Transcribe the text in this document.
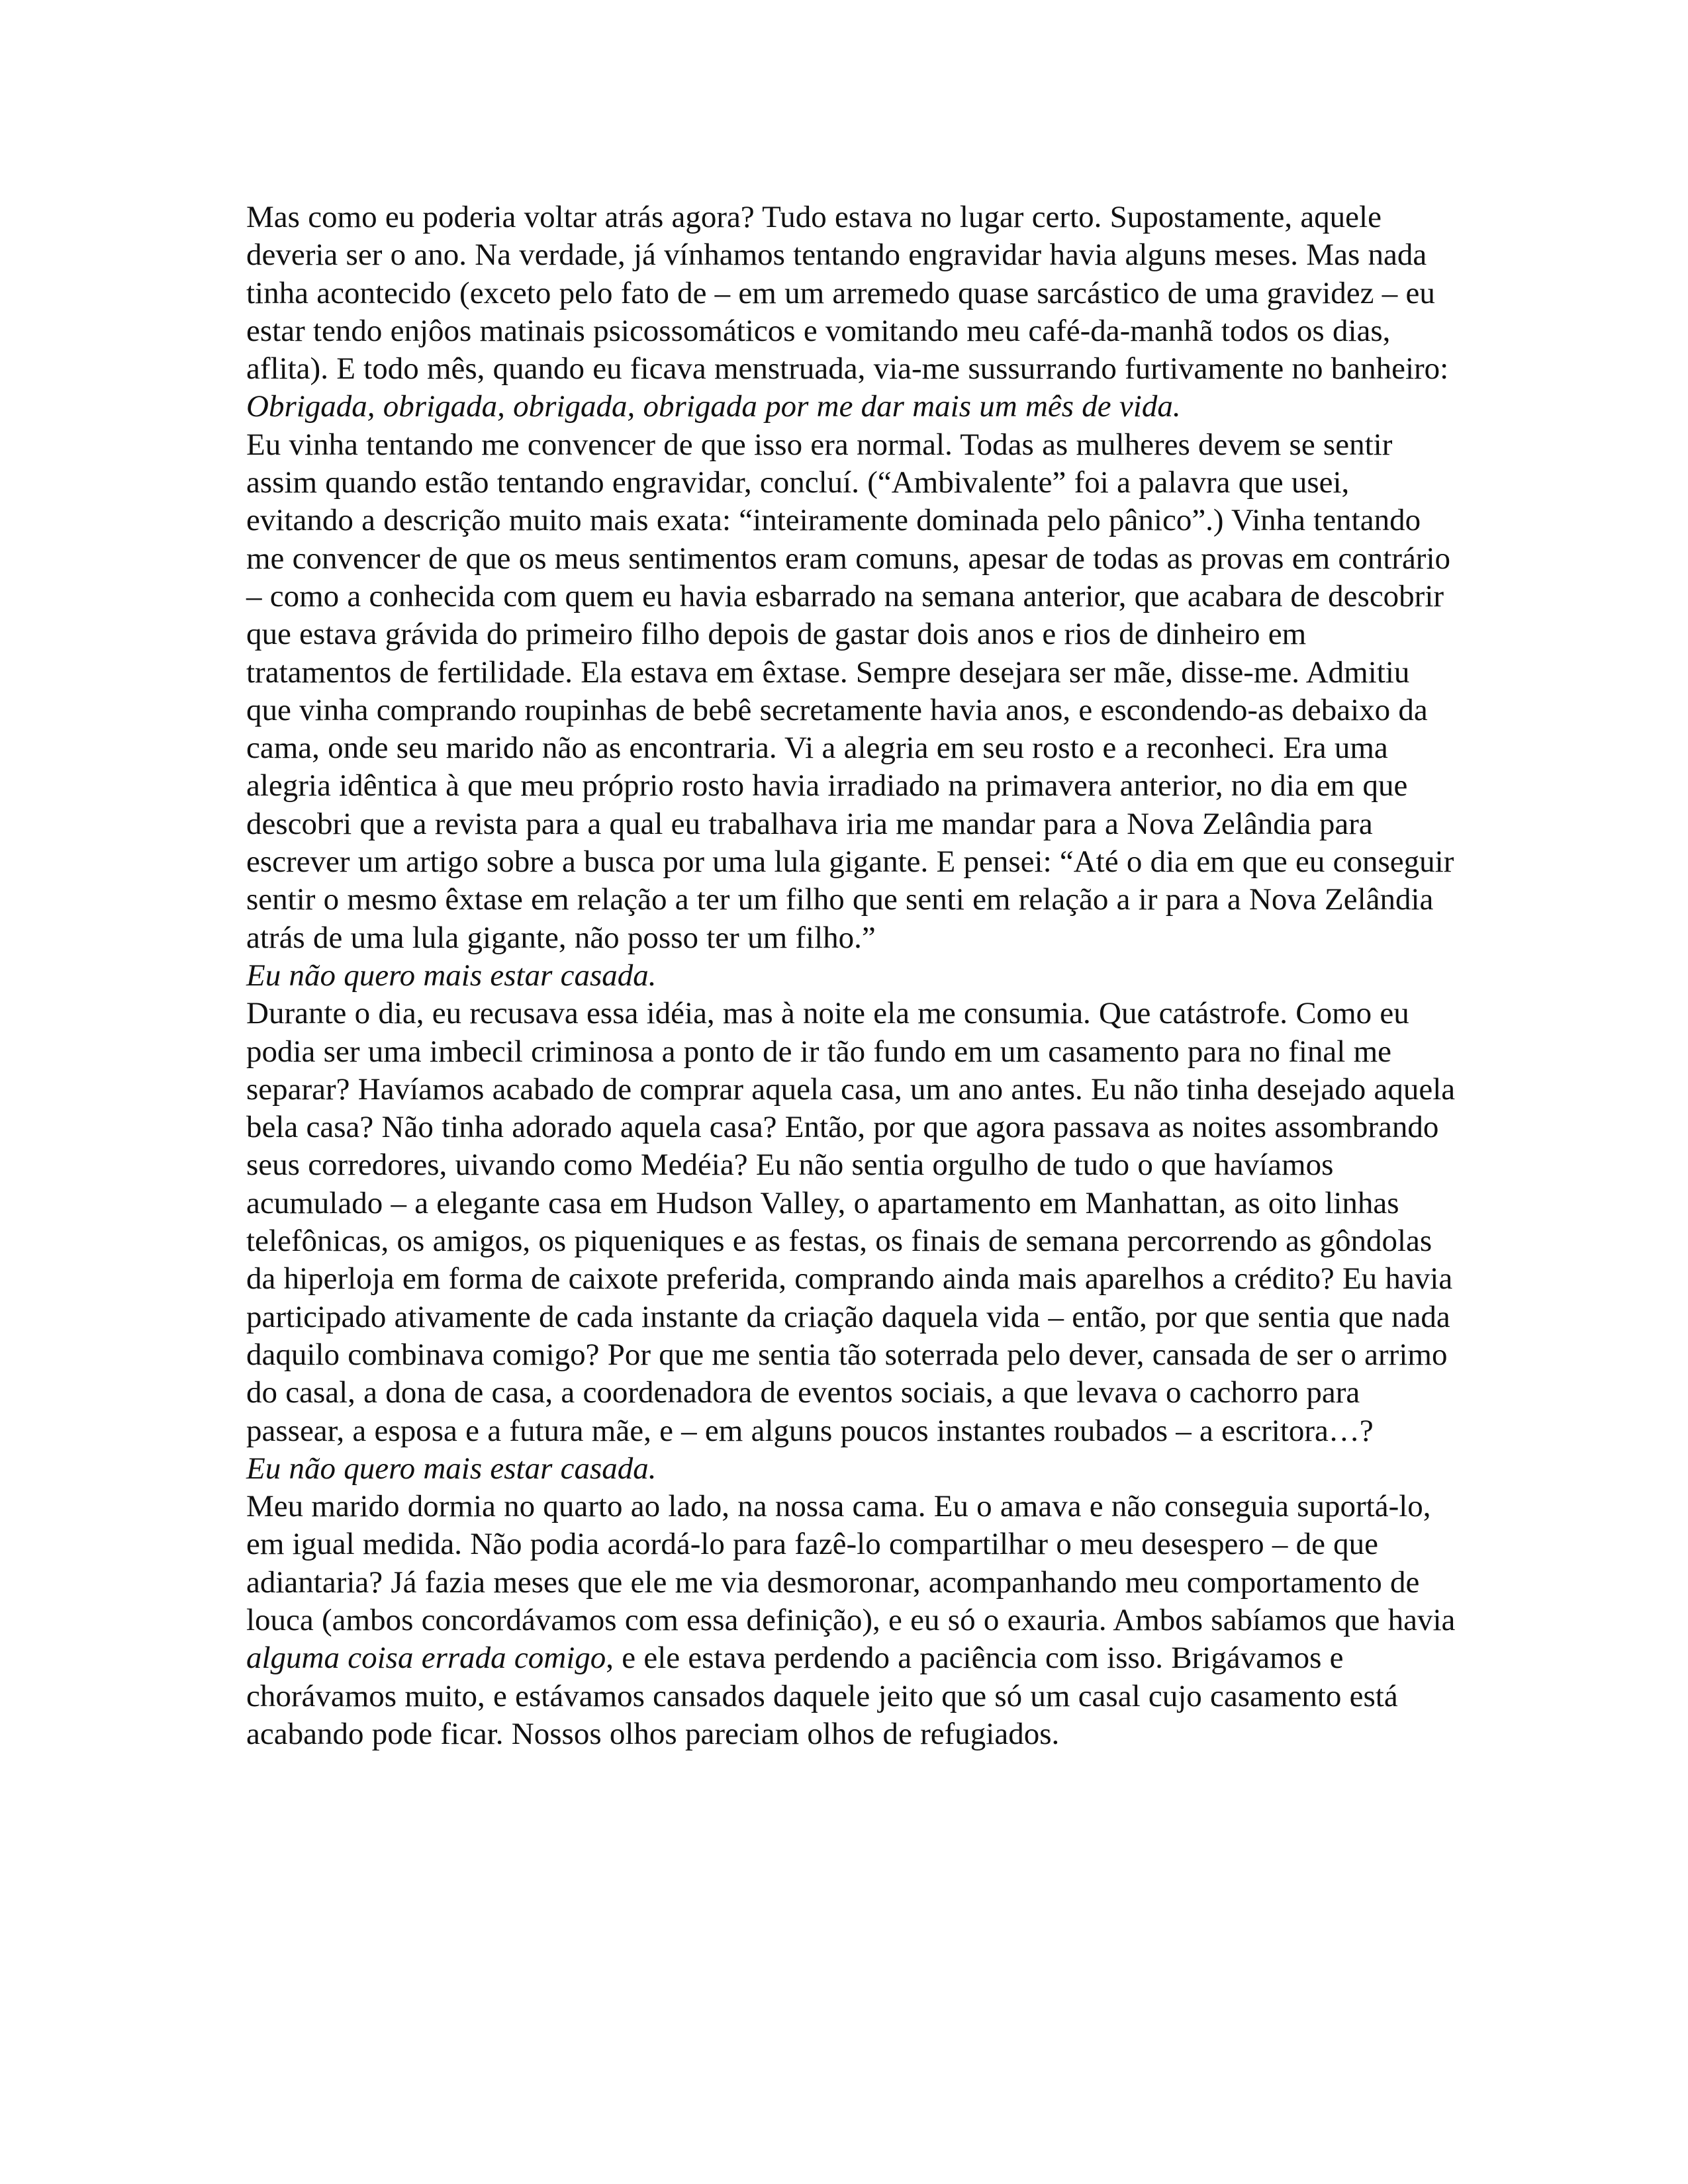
Mas como eu poderia voltar atrás agora? Tudo estava no lugar certo. Supostamente, aquele deveria ser o ano. Na verdade, já vínhamos tentando engravidar havia alguns meses. Mas nada tinha acontecido (exceto pelo fato de – em um arremedo quase sarcástico de uma gravidez – eu estar tendo enjôos matinais psicossomáticos e vomitando meu café-da-manhã todos os dias, aflita). E todo mês, quando eu ficava menstruada, via-me sussurrando furtivamente no banheiro: Obrigada, obrigada, obrigada, obrigada por me dar mais um mês de vida.

Eu vinha tentando me convencer de que isso era normal. Todas as mulheres devem se sentir assim quando estão tentando engravidar, concluí. (“Ambivalente” foi a palavra que usei, evitando a descrição muito mais exata: “inteiramente dominada pelo pânico”.) Vinha tentando me convencer de que os meus sentimentos eram comuns, apesar de todas as provas em contrário – como a conhecida com quem eu havia esbarrado na semana anterior, que acabara de descobrir que estava grávida do primeiro filho depois de gastar dois anos e rios de dinheiro em tratamentos de fertilidade. Ela estava em êxtase. Sempre desejara ser mãe, disse-me. Admitiu que vinha comprando roupinhas de bebê secretamente havia anos, e escondendo-as debaixo da cama, onde seu marido não as encontraria. Vi a alegria em seu rosto e a reconheci. Era uma alegria idêntica à que meu próprio rosto havia irradiado na primavera anterior, no dia em que descobri que a revista para a qual eu trabalhava iria me mandar para a Nova Zelândia para escrever um artigo sobre a busca por uma lula gigante. E pensei: “Até o dia em que eu conseguir sentir o mesmo êxtase em relação a ter um filho que senti em relação a ir para a Nova Zelândia atrás de uma lula gigante, não posso ter um filho.”

Eu não quero mais estar casada.

Durante o dia, eu recusava essa idéia, mas à noite ela me consumia. Que catástrofe. Como eu podia ser uma imbecil criminosa a ponto de ir tão fundo em um casamento para no final me separar? Havíamos acabado de comprar aquela casa, um ano antes. Eu não tinha desejado aquela bela casa? Não tinha adorado aquela casa? Então, por que agora passava as noites assombrando seus corredores, uivando como Medéia? Eu não sentia orgulho de tudo o que havíamos acumulado – a elegante casa em Hudson Valley, o apartamento em Manhattan, as oito linhas telefônicas, os amigos, os piqueniques e as festas, os finais de semana percorrendo as gôndolas da hiperloja em forma de caixote preferida, comprando ainda mais aparelhos a crédito? Eu havia participado ativamente de cada instante da criação daquela vida – então, por que sentia que nada daquilo combinava comigo? Por que me sentia tão soterrada pelo dever, cansada de ser o arrimo do casal, a dona de casa, a coordenadora de eventos sociais, a que levava o cachorro para passear, a esposa e a futura mãe, e – em alguns poucos instantes roubados – a escritora…?

Eu não quero mais estar casada.

Meu marido dormia no quarto ao lado, na nossa cama. Eu o amava e não conseguia suportá-lo, em igual medida. Não podia acordá-lo para fazê-lo compartilhar o meu desespero – de que adiantaria? Já fazia meses que ele me via desmoronar, acompanhando meu comportamento de louca (ambos concordávamos com essa definição), e eu só o exauria. Ambos sabíamos que havia alguma coisa errada comigo, e ele estava perdendo a paciência com isso. Brigávamos e chorávamos muito, e estávamos cansados daquele jeito que só um casal cujo casamento está acabando pode ficar. Nossos olhos pareciam olhos de refugiados.
